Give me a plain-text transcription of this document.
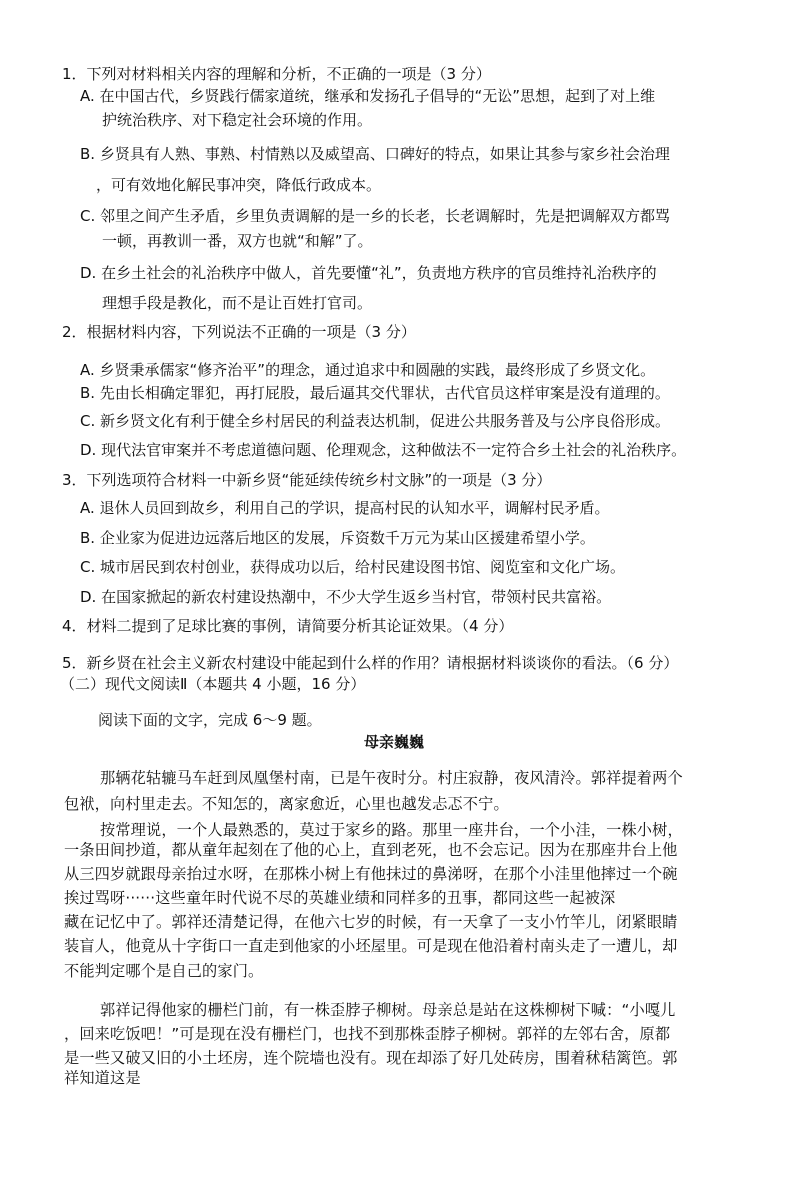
1．下列对材料相关内容的理解和分析，不正确的一项是（3 分）
A. 在中国古代，乡贤践行儒家道统，继承和发扬孔子倡导的“无讼”思想，起到了对上维
护统治秩序、对下稳定社会环境的作用。
B. 乡贤具有人熟、事熟、村情熟以及威望高、口碑好的特点，如果让其参与家乡社会治理
，可有效地化解民事冲突，降低行政成本。
C. 邻里之间产生矛盾，乡里负责调解的是一乡的长老，长老调解时，先是把调解双方都骂
一顿，再教训一番，双方也就“和解”了。
D. 在乡土社会的礼治秩序中做人，首先要懂“礼”，负责地方秩序的官员维持礼治秩序的
理想手段是教化，而不是让百姓打官司。
2．根据材料内容，下列说法不正确的一项是（3 分）
A. 乡贤秉承儒家“修齐治平”的理念，通过追求中和圆融的实践，最终形成了乡贤文化。
B. 先由长相确定罪犯，再打屁股，最后逼其交代罪状，古代官员这样审案是没有道理的。
C. 新乡贤文化有利于健全乡村居民的利益表达机制，促进公共服务普及与公序良俗形成。
D. 现代法官审案并不考虑道德问题、伦理观念，这种做法不一定符合乡土社会的礼治秩序。
3．下列选项符合材料一中新乡贤“能延续传统乡村文脉”的一项是（3 分）
A. 退休人员回到故乡，利用自己的学识，提高村民的认知水平，调解村民矛盾。
B. 企业家为促进边远落后地区的发展，斥资数千万元为某山区援建希望小学。
C. 城市居民到农村创业，获得成功以后，给村民建设图书馆、阅览室和文化广场。
D. 在国家掀起的新农村建设热潮中，不少大学生返乡当村官，带领村民共富裕。
4．材料二提到了足球比赛的事例，请简要分析其论证效果。（4 分）
5．新乡贤在社会主义新农村建设中能起到什么样的作用？请根据材料谈谈你的看法。（6 分）
（二）现代文阅读Ⅱ（本题共 4 小题，16 分）
阅读下面的文字，完成 6～9 题。
母亲巍巍
那辆花轱辘马车赶到凤凰堡村南，已是午夜时分。村庄寂静，夜风清泠。郭祥提着两个
包袱，向村里走去。不知怎的，离家愈近，心里也越发忐忑不宁。
按常理说，一个人最熟悉的，莫过于家乡的路。那里一座井台，一个小洼，一株小树，
一条田间抄道，都从童年起刻在了他的心上，直到老死，也不会忘记。因为在那座井台上他
从三四岁就跟母亲抬过水呀，在那株小树上有他抹过的鼻涕呀，在那个小洼里他摔过一个碗
挨过骂呀······这些童年时代说不尽的英雄业绩和同样多的丑事，都同这些一起被深
藏在记忆中了。郭祥还清楚记得，在他六七岁的时候，有一天拿了一支小竹竿儿，闭紧眼睛
装盲人，他竟从十字街口一直走到他家的小坯屋里。可是现在他沿着村南头走了一遭儿，却
不能判定哪个是自己的家门。
郭祥记得他家的栅栏门前，有一株歪脖子柳树。母亲总是站在这株柳树下喊：“小嘎儿
，回来吃饭吧！”可是现在没有栅栏门，也找不到那株歪脖子柳树。郭祥的左邻右舍，原都
是一些又破又旧的小土坯房，连个院墙也没有。现在却添了好几处砖房，围着秫秸篱笆。郭
祥知道这是
